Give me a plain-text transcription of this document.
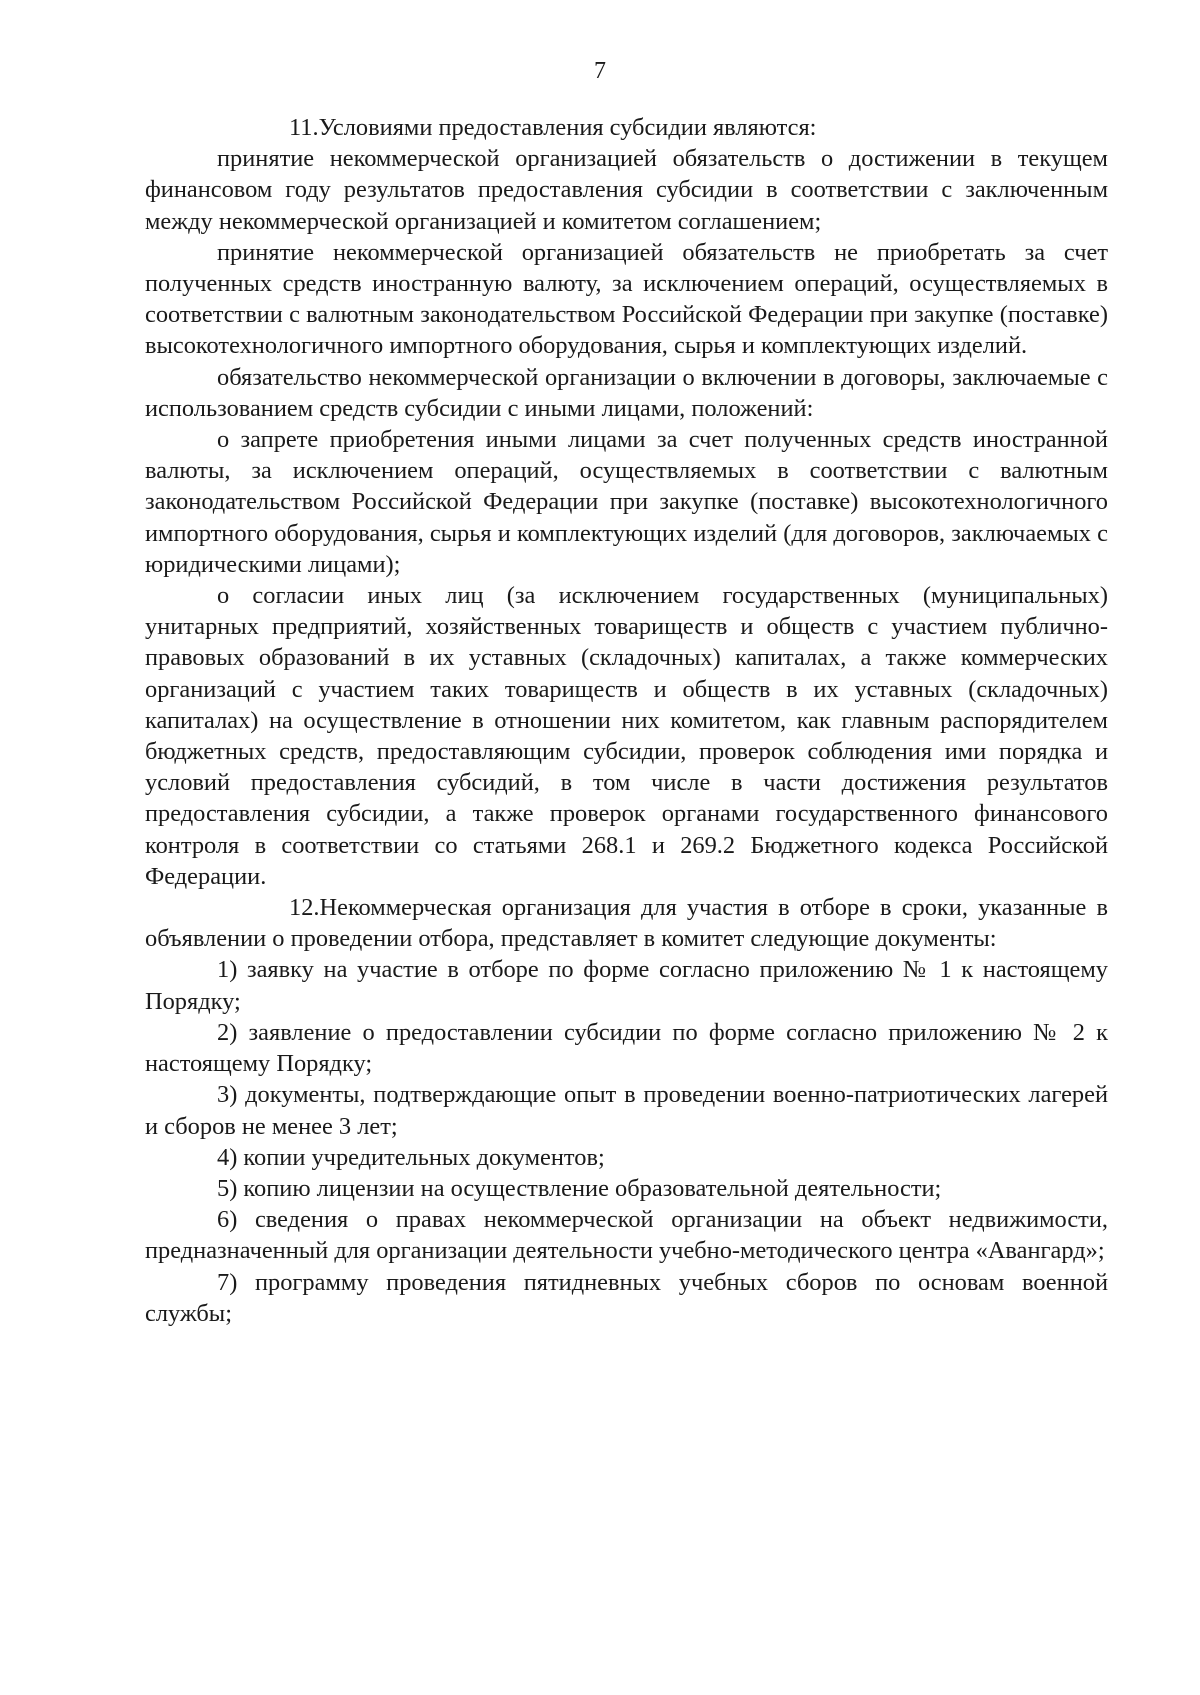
7

11.Условиями предоставления субсидии являются:

принятие некоммерческой организацией обязательств о достижении в текущем финансовом году результатов предоставления субсидии в соответствии с заключенным между некоммерческой организацией и комитетом соглашением;

принятие некоммерческой организацией обязательств не приобретать за счет полученных средств иностранную валюту, за исключением операций, осуществляемых в соответствии с валютным законодательством Российской Федерации при закупке (поставке) высокотехнологичного импортного оборудования, сырья и комплектующих изделий.

обязательство некоммерческой организации о включении в договоры, заключаемые с использованием средств субсидии с иными лицами, положений:

о запрете приобретения иными лицами за счет полученных средств иностранной валюты, за исключением операций, осуществляемых в соответствии с валютным законодательством Российской Федерации при закупке (поставке) высокотехнологичного импортного оборудования, сырья и комплектующих изделий (для договоров, заключаемых с юридическими лицами);

о согласии иных лиц (за исключением государственных (муниципальных) унитарных предприятий, хозяйственных товариществ и обществ с участием публично-правовых образований в их уставных (складочных) капиталах, а также коммерческих организаций с участием таких товариществ и обществ в их уставных (складочных) капиталах) на осуществление в отношении них комитетом, как главным распорядителем бюджетных средств, предоставляющим субсидии, проверок соблюдения ими порядка и условий предоставления субсидий, в том числе в части достижения результатов предоставления субсидии, а также проверок органами государственного финансового контроля в соответствии со статьями 268.1 и 269.2 Бюджетного кодекса Российской Федерации.

12.Некоммерческая организация для участия в отборе в сроки, указанные в объявлении о проведении отбора, представляет в комитет следующие документы:

1) заявку на участие в отборе по форме согласно приложению № 1 к настоящему Порядку;

2) заявление о предоставлении субсидии по форме согласно приложению № 2 к настоящему Порядку;

3) документы, подтверждающие опыт в проведении военно-патриотических лагерей и сборов не менее 3 лет;

4) копии учредительных документов;

5) копию лицензии на осуществление образовательной деятельности;

6) сведения о правах некоммерческой организации на объект недвижимости, предназначенный для организации деятельности учебно-методического центра «Авангард»;

7) программу проведения пятидневных учебных сборов по основам военной службы;
